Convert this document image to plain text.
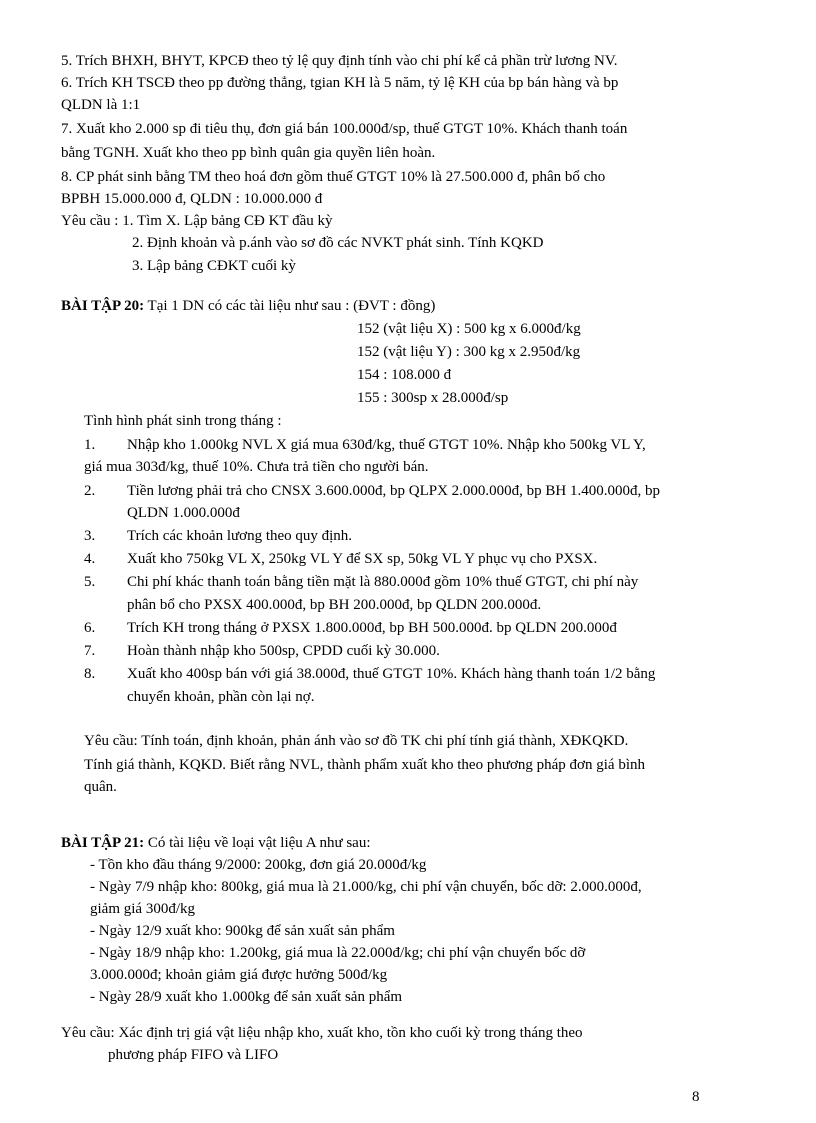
5. Trích BHXH, BHYT, KPCĐ theo tỷ lệ quy định tính vào chi phí kể cả phần trừ lương NV.
6. Trích KH TSCĐ theo pp đường thẳng, tgian KH là 5 năm, tỷ lệ KH của bp bán hàng và bp
QLDN là 1:1
7. Xuất kho 2.000 sp đi tiêu thụ, đơn giá bán 100.000đ/sp, thuế GTGT 10%. Khách thanh toán
bằng TGNH. Xuất kho theo pp bình quân gia quyền liên hoàn.
8. CP phát sinh bằng TM theo hoá đơn gồm thuế GTGT 10% là 27.500.000 đ, phân bổ cho
BPBH 15.000.000 đ, QLDN : 10.000.000 đ
Yêu cầu : 1. Tìm X. Lập bảng CĐ KT đầu kỳ
2. Định khoản và p.ánh vào sơ đồ các NVKT phát sinh. Tính KQKD
3. Lập bảng CĐKT cuối kỳ
BÀI TẬP 20: Tại 1 DN có các tài liệu như sau : (ĐVT : đồng)
152 (vật liệu X) : 500 kg x 6.000đ/kg
152 (vật liệu Y) : 300 kg x 2.950đ/kg
154 : 108.000 đ
155 : 300sp x 28.000đ/sp
Tình hình phát sinh trong tháng :
1. Nhập kho 1.000kg NVL X giá mua 630đ/kg, thuế GTGT 10%. Nhập kho 500kg VL Y,
giá mua 303đ/kg, thuế 10%. Chưa trả tiền cho người bán.
2. Tiền lương phải trả cho CNSX 3.600.000đ, bp QLPX 2.000.000đ, bp BH 1.400.000đ, bp
QLDN 1.000.000đ
3. Trích các khoản lương theo quy định.
4. Xuất kho 750kg VL X, 250kg VL Y để SX sp, 50kg VL Y phục vụ cho PXSX.
5. Chi phí khác thanh toán bằng tiền mặt là 880.000đ gồm 10% thuế GTGT, chi phí này
phân bổ cho PXSX 400.000đ, bp BH 200.000đ, bp QLDN 200.000đ.
6. Trích KH trong tháng ở PXSX 1.800.000đ, bp BH 500.000đ. bp QLDN 200.000đ
7. Hoàn thành nhập kho 500sp, CPDD cuối kỳ 30.000.
8. Xuất kho 400sp bán với giá 38.000đ, thuế GTGT 10%. Khách hàng thanh toán 1/2 bằng
chuyển khoản, phần còn lại nợ.
Yêu cầu: Tính toán, định khoản, phản ánh vào sơ đồ TK chi phí tính giá thành, XĐKQKD.
Tính giá thành, KQKD. Biết rằng NVL, thành phẩm xuất kho theo phương pháp đơn giá bình
quân.
BÀI TẬP 21: Có tài liệu về loại vật liệu A như sau:
- Tồn kho đầu tháng 9/2000: 200kg, đơn giá 20.000đ/kg
- Ngày 7/9 nhập kho: 800kg, giá mua là 21.000/kg, chi phí vận chuyển, bốc dỡ: 2.000.000đ,
giảm giá 300đ/kg
- Ngày 12/9 xuất kho: 900kg để sản xuất sản phẩm
- Ngày 18/9 nhập kho: 1.200kg, giá mua là 22.000đ/kg; chi phí vận chuyển bốc dỡ
3.000.000đ; khoản giảm giá được hưởng 500đ/kg
- Ngày 28/9 xuất kho 1.000kg để sản xuất sản phẩm
Yêu cầu: Xác định trị giá vật liệu nhập kho, xuất kho, tồn kho cuối kỳ trong tháng theo
phương pháp FIFO và LIFO
8
